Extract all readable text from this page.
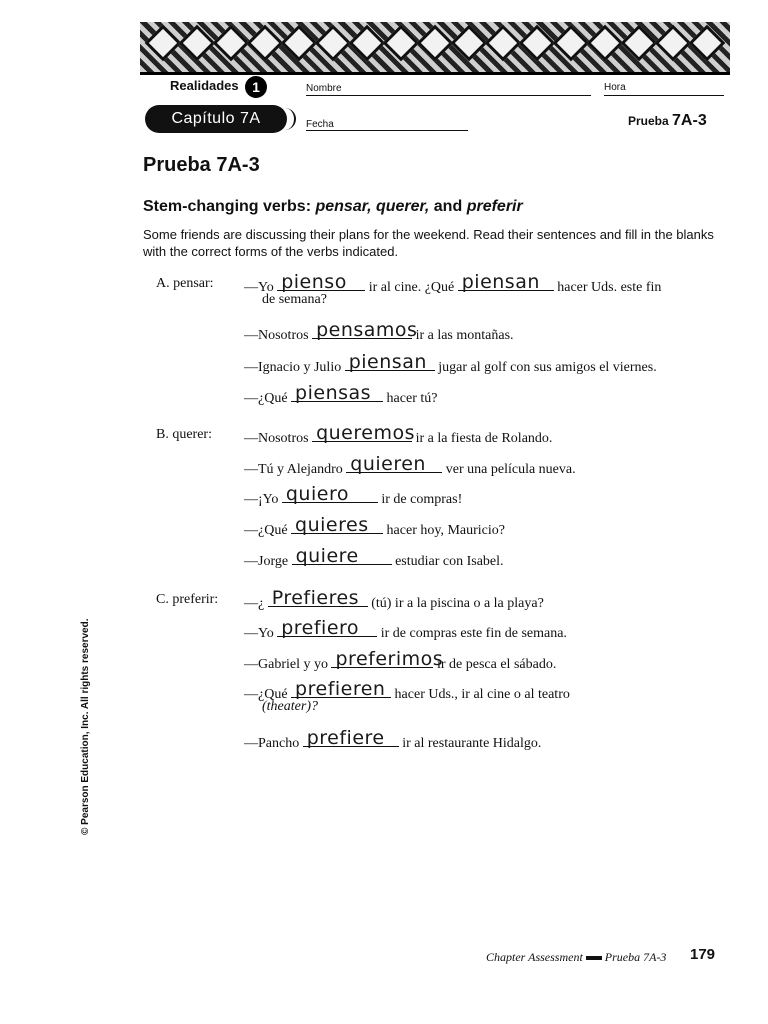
Realidades 1
Capítulo 7A
Nombre	Hora
Fecha	Prueba 7A-3
Prueba 7A-3
Stem-changing verbs: pensar, querer, and preferir
Some friends are discussing their plans for the weekend. Read their sentences and fill in the blanks with the correct forms of the verbs indicated.
A. pensar: —Yo pienso ir al cine. ¿Qué piensan hacer Uds. este fin
de semana?
—Nosotros pensamos
ir a las montañas.
—Ignacio y Julio piensan jugar al golf con sus amigos el viernes.
—¿Qué piensas hacer tú?
B. querer: —Nosotros queremos ir a la fiesta de Rolando.
—Tú y Alejandro quieren ver una película nueva.
—¡Yo quiero ir de compras!
—¿Qué quieres hacer hoy, Mauricio?
—Jorge quiere	estudiar con Isabel.
C. preferir: —¿ Prefieres (tú) ir a la piscina o a la playa?
—Yo prefiero ir de compras este fin de semana.
—Gabriel y yo preferimos
ir de pesca el sábado.
—¿Qué prefieren hacer Uds., ir al cine o al teatro
(theater)?
—Pancho prefiere ir al restaurante Hidalgo.
© Pearson Education, Inc. All rights reserved.
Chapter Assessment Prueba 7A-3 179
